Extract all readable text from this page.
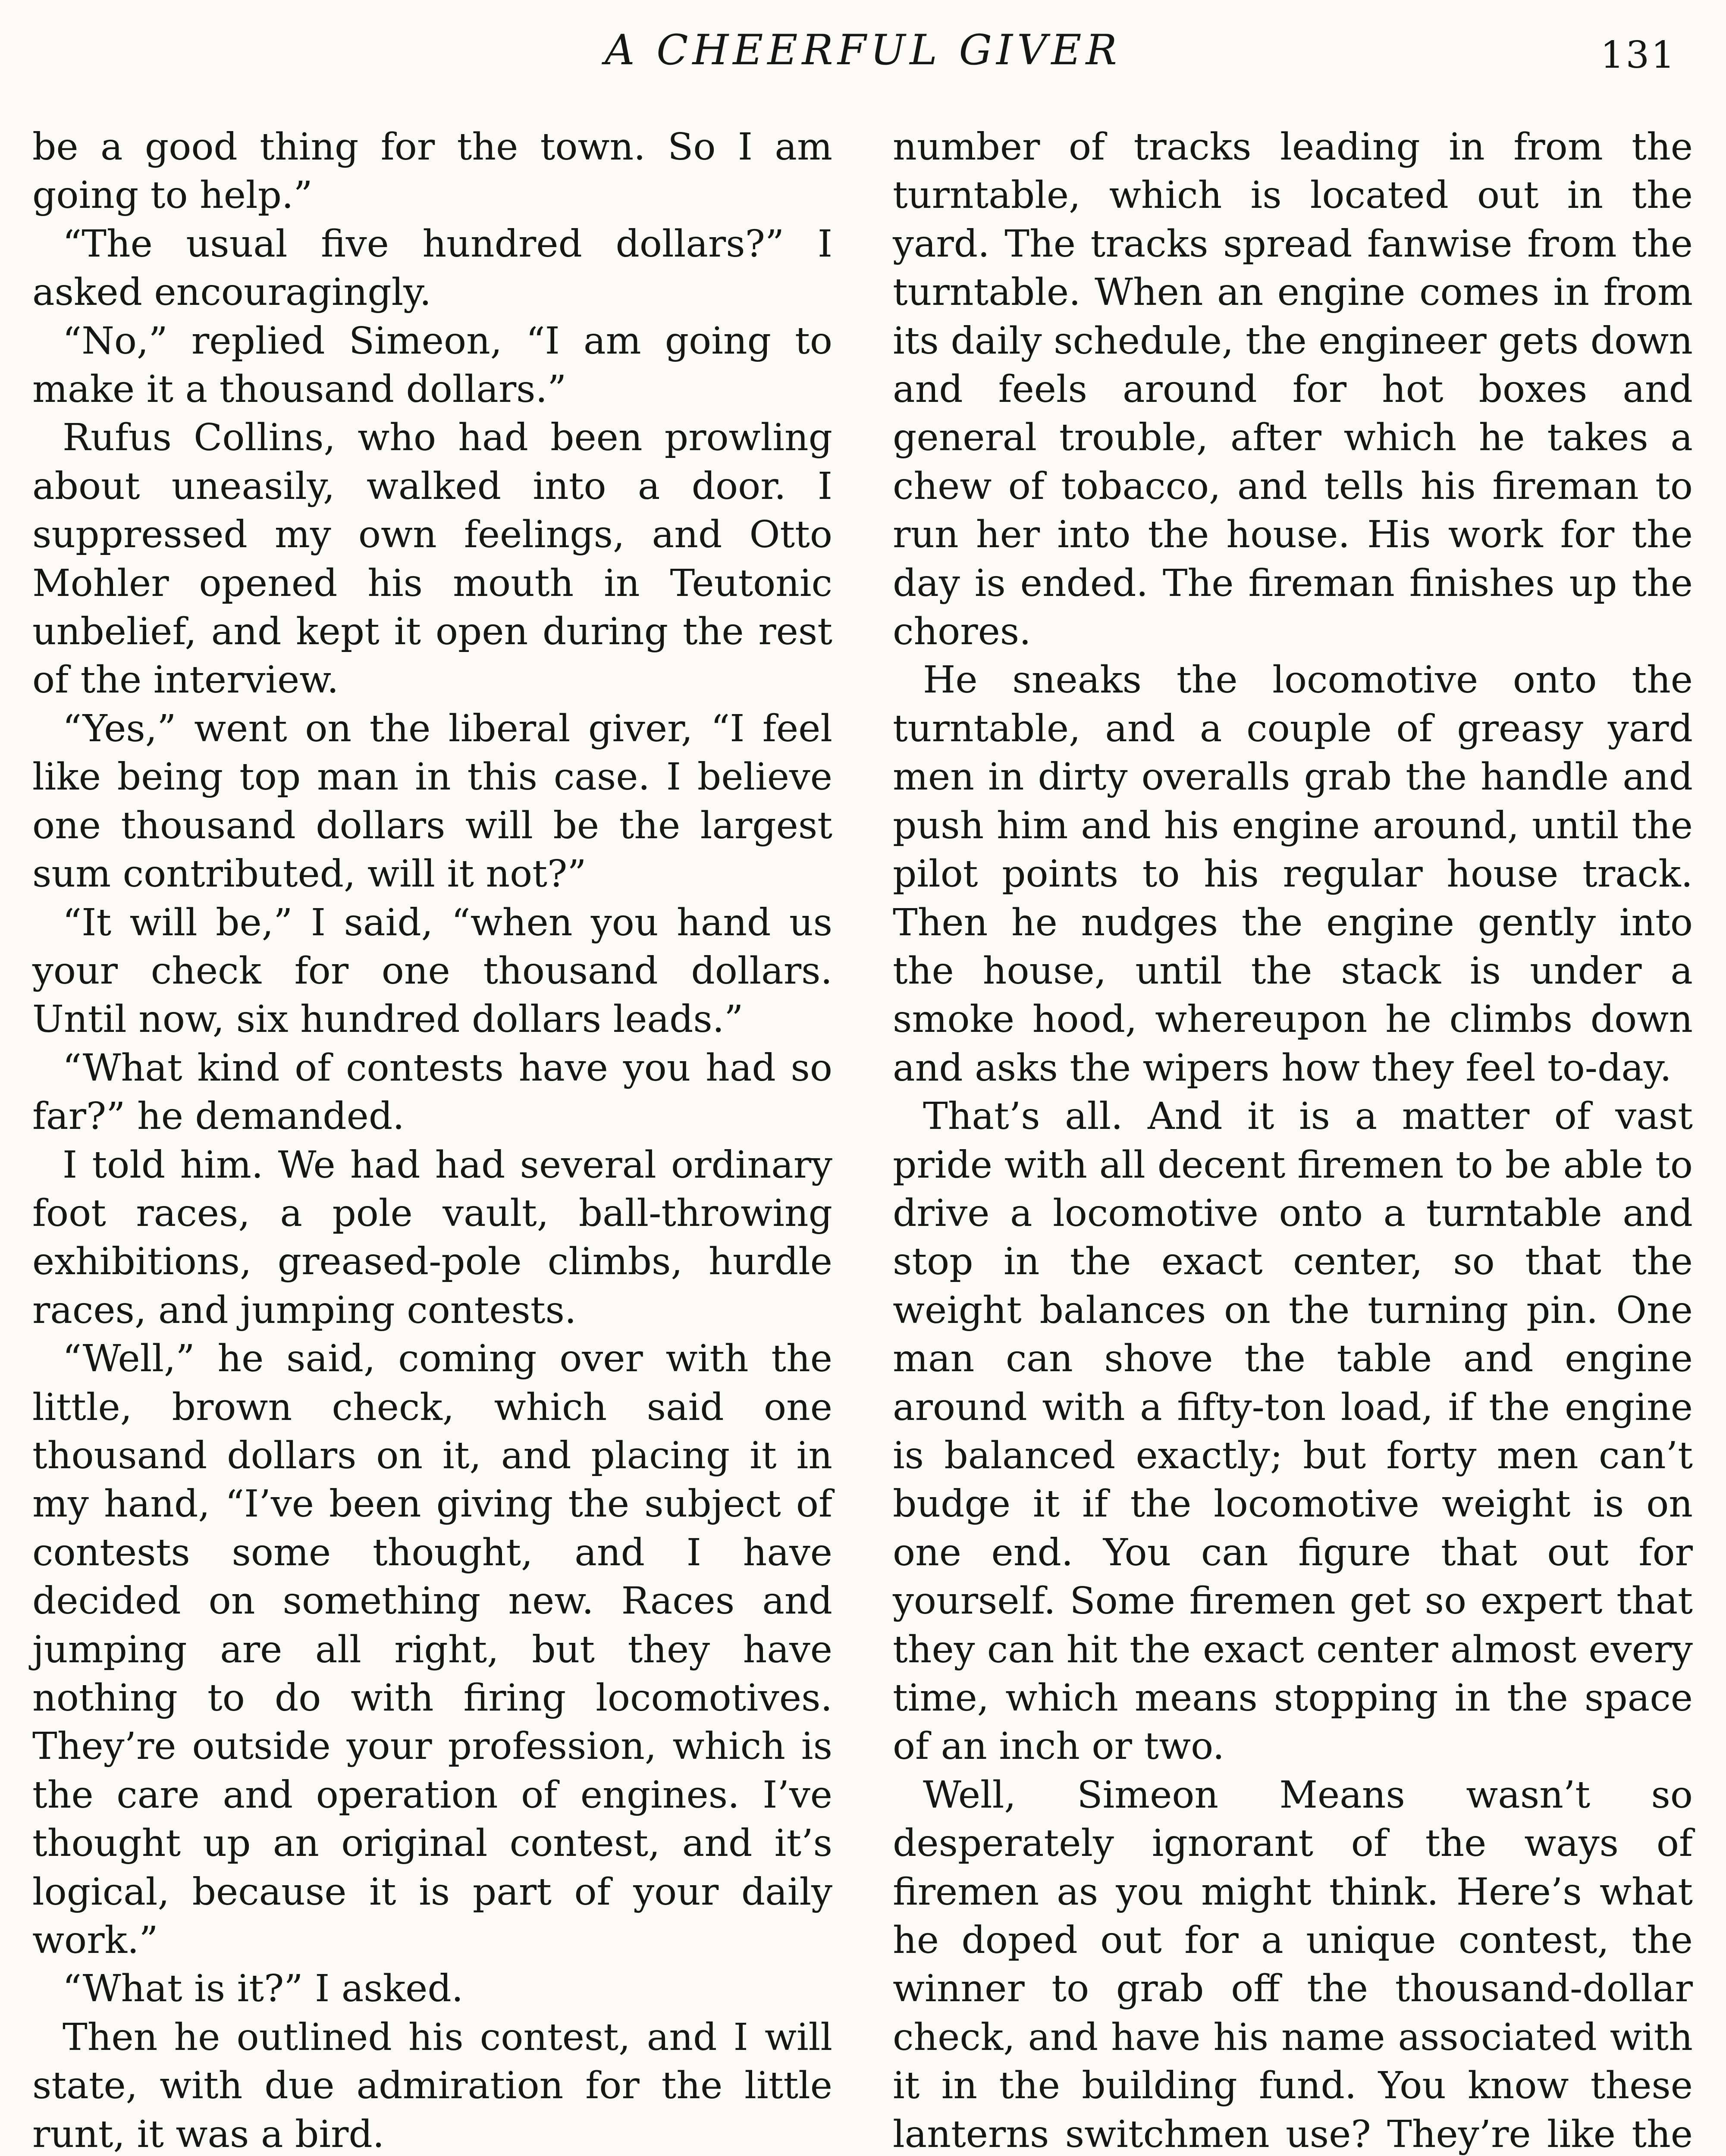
A CHEERFUL GIVER	131

be a good thing for the town. So I am going to help.”

“The usual five hundred dollars?” I asked encouragingly.

“No,” replied Simeon, “I am going to make it a thousand dollars.”

Rufus Collins, who had been prowling about uneasily, walked into a door. I suppressed my own feelings, and Otto Mohler opened his mouth in Teutonic unbelief, and kept it open during the rest of the interview.

“Yes,” went on the liberal giver, “I feel like being top man in this case. I believe one thousand dollars will be the largest sum contributed, will it not?”

“It will be,” I said, “when you hand us your check for one thousand dollars. Until now, six hundred dollars leads.”

“What kind of contests have you had so far?” he demanded.

I told him. We had had several ordinary foot races, a pole vault, ball-throwing exhibitions, greased-pole climbs, hurdle races, and jumping contests.

“Well,” he said, coming over with the little, brown check, which said one thousand dollars on it, and placing it in my hand, “I’ve been giving the subject of contests some thought, and I have decided on something new. Races and jumping are all right, but they have nothing to do with firing locomotives. They’re outside your profession, which is the care and operation of engines. I’ve thought up an original contest, and it’s logical, because it is part of your daily work.”

“What is it?” I asked.

Then he outlined his contest, and I will state, with due admiration for the little runt, it was a bird.

number of tracks leading in from the turntable, which is located out in the yard. The tracks spread fanwise from the turntable. When an engine comes in from its daily schedule, the engineer gets down and feels around for hot boxes and general trouble, after which he takes a chew of tobacco, and tells his fireman to run her into the house. His work for the day is ended. The fireman finishes up the chores.

He sneaks the locomotive onto the turntable, and a couple of greasy yard men in dirty overalls grab the handle and push him and his engine around, until the pilot points to his regular house track. Then he nudges the engine gently into the house, until the stack is under a smoke hood, whereupon he climbs down and asks the wipers how they feel to-day.

That’s all. And it is a matter of vast pride with all decent firemen to be able to drive a locomotive onto a turntable and stop in the exact center, so that the weight balances on the turning pin. One man can shove the table and engine around with a fifty-ton load, if the engine is balanced exactly; but forty men can’t budge it if the locomotive weight is on one end. You can figure that out for yourself. Some firemen get so expert that they can hit the exact center almost every time, which means stopping in the space of an inch or two.

Well, Simeon Means wasn’t so desperately ignorant of the ways of firemen as you might think. Here’s what he doped out for a unique contest, the winner to grab off the thousand-dollar check, and have his name associated with it in the building fund. You know these lanterns switchmen use? They’re like the
